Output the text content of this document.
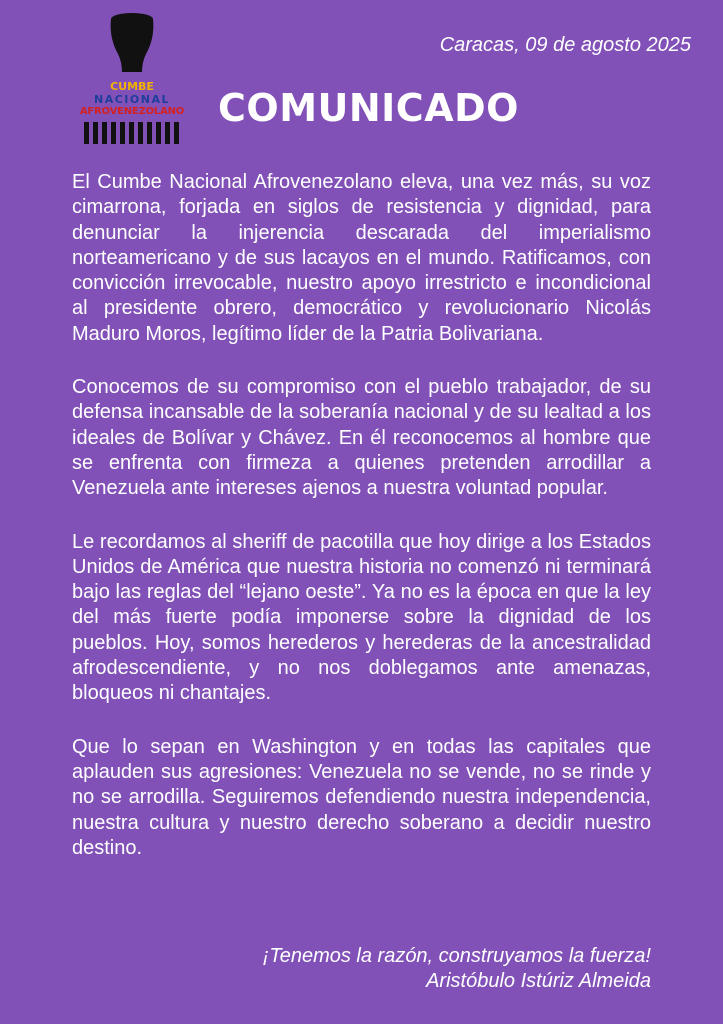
CUMBE
NACIONAL
AFROVENEZOLANO
Caracas, 09 de agosto 2025
COMUNICADO

El Cumbe Nacional Afrovenezolano eleva, una vez más, su voz cimarrona, forjada en siglos de resistencia y dignidad, para denunciar la injerencia descarada del imperialismo norteamericano y de sus lacayos en el mundo. Ratificamos, con convicción irrevocable, nuestro apoyo irrestricto e incondicional al presidente obrero, democrático y revolucionario Nicolás Maduro Moros, legítimo líder de la Patria Bolivariana.

Conocemos de su compromiso con el pueblo trabajador, de su defensa incansable de la soberanía nacional y de su lealtad a los ideales de Bolívar y Chávez. En él reconocemos al hombre que se enfrenta con firmeza a quienes pretenden arrodillar a Venezuela ante intereses ajenos a nuestra voluntad popular.

Le recordamos al sheriff de pacotilla que hoy dirige a los Estados Unidos de América que nuestra historia no comenzó ni terminará bajo las reglas del “lejano oeste”. Ya no es la época en que la ley del más fuerte podía imponerse sobre la dignidad de los pueblos. Hoy, somos herederos y herederas de la ancestralidad afrodescendiente, y no nos doblegamos ante amenazas, bloqueos ni chantajes.

Que lo sepan en Washington y en todas las capitales que aplauden sus agresiones: Venezuela no se vende, no se rinde y no se arrodilla. Seguiremos defendiendo nuestra independencia, nuestra cultura y nuestro derecho soberano a decidir nuestro destino.

¡Tenemos la razón, construyamos la fuerza!
Aristóbulo Istúriz Almeida
